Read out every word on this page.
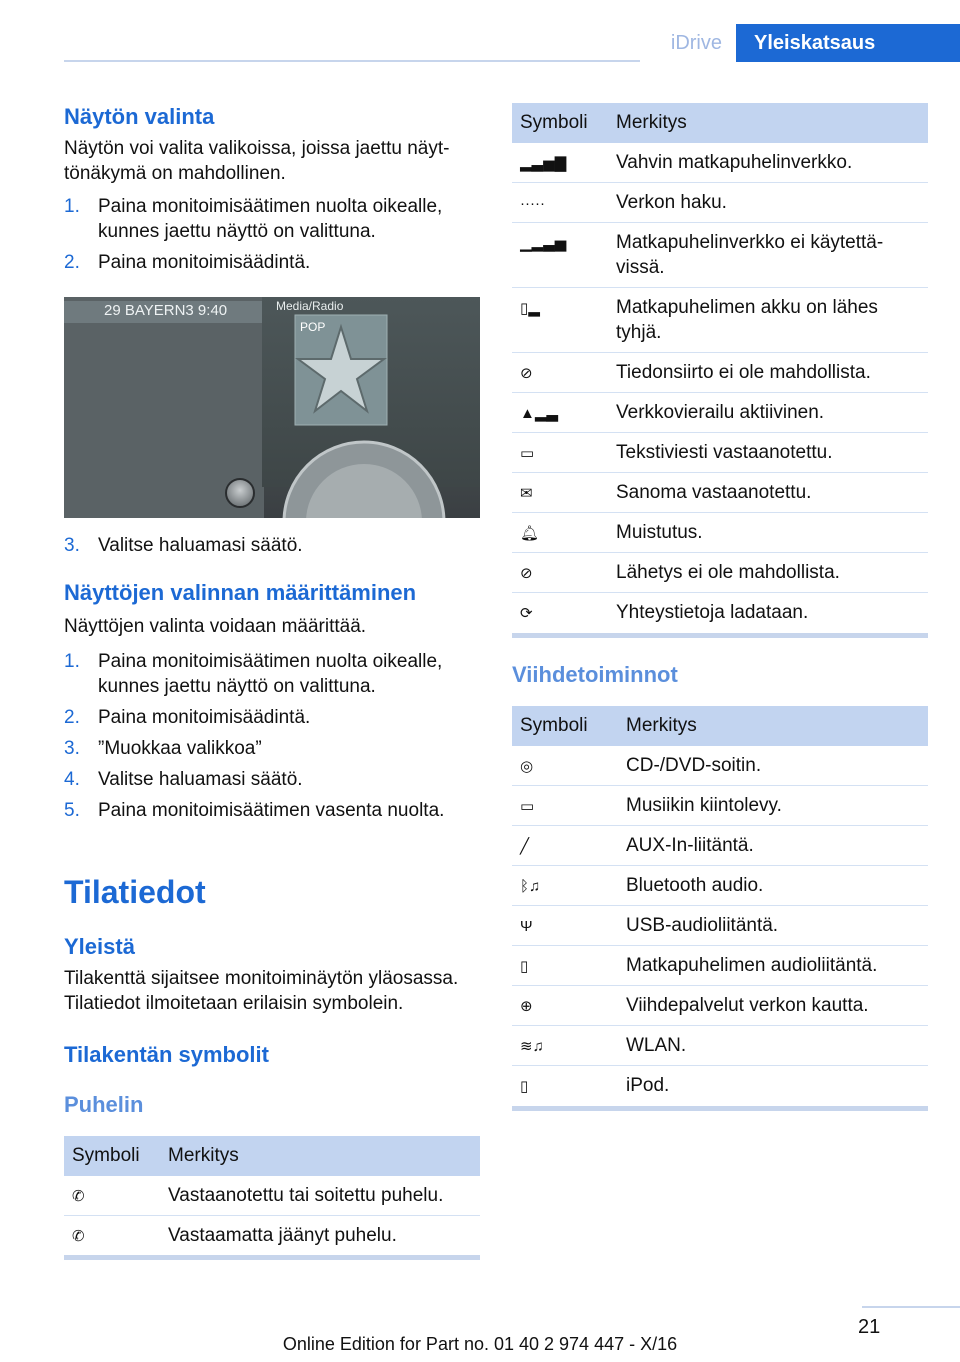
iDrive	Yleiskatsaus
Näytön valinta

Näytön voi valita valikoissa, joissa jaettu näyt‐tönäkymä on mahdollinen.

1. Paina monitoimisäätimen nuolta oikealle, kunnes jaettu näyttö on valittuna.
2. Paina monitoimisäädintä.
29 BAYERN3 9:40	Media/Radio
POP
3. Valitse haluamasi säätö.
Näyttöjen valinnan määrittäminen

Näyttöjen valinta voidaan määrittää.

1. Paina monitoimisäätimen nuolta oikealle, kunnes jaettu näyttö on valittuna.
2. Paina monitoimisäädintä.
3. ”Muokkaa valikkoa”
4. Valitse haluamasi säätö.
5. Paina monitoimisäätimen vasenta nuolta.
Tilatiedot
Yleistä

Tilakenttä sijaitsee monitoiminäytön yläosassa. Tilatiedot ilmoitetaan erilaisin symbolein.

Tilakentän symbolit
Puhelin
Symboli	Merkitys
✆	Vastaanotettu tai soitettu puhelu.
✆	Vastaamatta jäänyt puhelu.
Symboli	Merkitys
▂▃▅▇	Vahvin matkapuhelinverkko.
·····	Verkon haku.
▁▂▃▅	Matkapuhelinverkko ei käytettä‐vissä.
▯▂	Matkapuhelimen akku on lähes tyhjä.
⊘	Tiedonsiirto ei ole mahdollista.
▲▂▃	Verkkovierailu aktiivinen.
▭	Tekstiviesti vastaanotettu.
✉	Sanoma vastaanotettu.
🔔︎	Muistutus.
⊘	Lähetys ei ole mahdollista.
⟳	Yhteystietoja ladataan.
Viihdetoiminnot
Symboli	Merkitys
◎	CD-/DVD-soitin.
▭	Musiikin kiintolevy.
╱	AUX-In-liitäntä.
ᛒ♫	Bluetooth audio.
Ψ	USB-audioliitäntä.
▯	Matkapuhelimen audioliitäntä.
⊕	Viihdepalvelut verkon kautta.
≋♫	WLAN.
▯	iPod.
21
Online Edition for Part no. 01 40 2 974 447 - X/16
